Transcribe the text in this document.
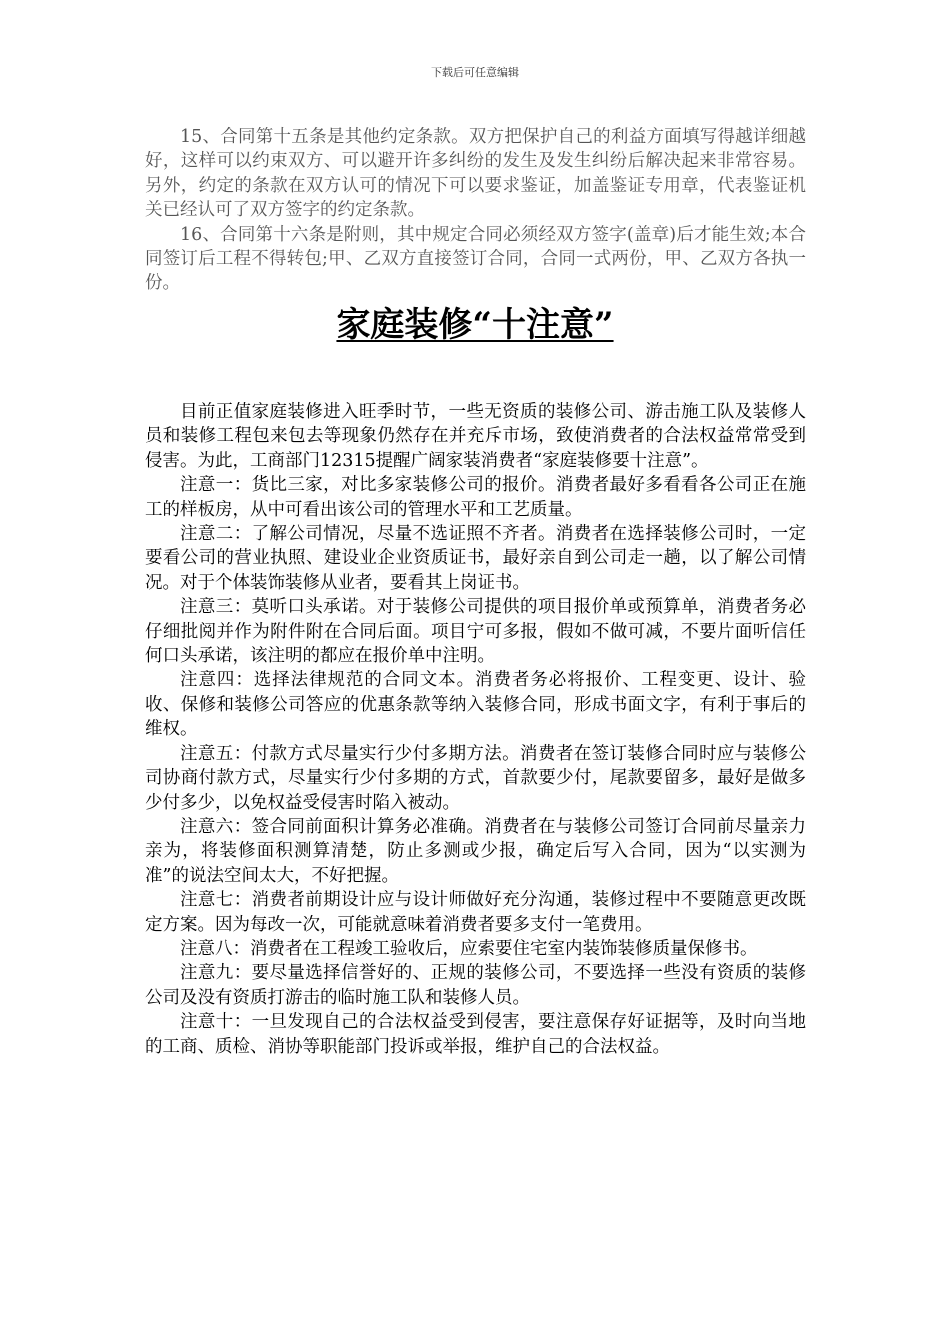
下载后可任意编辑

15、合同第十五条是其他约定条款。双方把保护自己的利益方面填写得越详细越好，这样可以约束双方、可以避开许多纠纷的发生及发生纠纷后解决起来非常容易。另外，约定的条款在双方认可的情况下可以要求鉴证，加盖鉴证专用章，代表鉴证机关已经认可了双方签字的约定条款。

16、合同第十六条是附则，其中规定合同必须经双方签字(盖章)后才能生效;本合同签订后工程不得转包;甲、乙双方直接签订合同，合同一式两份，甲、乙双方各执一份。

家庭装修“十注意”

目前正值家庭装修进入旺季时节，一些无资质的装修公司、游击施工队及装修人员和装修工程包来包去等现象仍然存在并充斥市场，致使消费者的合法权益常常受到侵害。为此，工商部门12315提醒广阔家装消费者“家庭装修要十注意”。

注意一：货比三家，对比多家装修公司的报价。消费者最好多看看各公司正在施工的样板房，从中可看出该公司的管理水平和工艺质量。

注意二：了解公司情况，尽量不选证照不齐者。消费者在选择装修公司时，一定要看公司的营业执照、建设业企业资质证书，最好亲自到公司走一趟，以了解公司情况。对于个体装饰装修从业者，要看其上岗证书。

注意三：莫听口头承诺。对于装修公司提供的项目报价单或预算单，消费者务必仔细批阅并作为附件附在合同后面。项目宁可多报，假如不做可减，不要片面听信任何口头承诺，该注明的都应在报价单中注明。

注意四：选择法律规范的合同文本。消费者务必将报价、工程变更、设计、验收、保修和装修公司答应的优惠条款等纳入装修合同，形成书面文字，有利于事后的维权。

注意五：付款方式尽量实行少付多期方法。消费者在签订装修合同时应与装修公司协商付款方式，尽量实行少付多期的方式，首款要少付，尾款要留多，最好是做多少付多少，以免权益受侵害时陷入被动。

注意六：签合同前面积计算务必准确。消费者在与装修公司签订合同前尽量亲力亲为，将装修面积测算清楚，防止多测或少报，确定后写入合同，因为“以实测为准”的说法空间太大，不好把握。

注意七：消费者前期设计应与设计师做好充分沟通，装修过程中不要随意更改既定方案。因为每改一次，可能就意味着消费者要多支付一笔费用。

注意八：消费者在工程竣工验收后，应索要住宅室内装饰装修质量保修书。

注意九：要尽量选择信誉好的、正规的装修公司，不要选择一些没有资质的装修公司及没有资质打游击的临时施工队和装修人员。

注意十：一旦发现自己的合法权益受到侵害，要注意保存好证据等，及时向当地的工商、质检、消协等职能部门投诉或举报，维护自己的合法权益。
